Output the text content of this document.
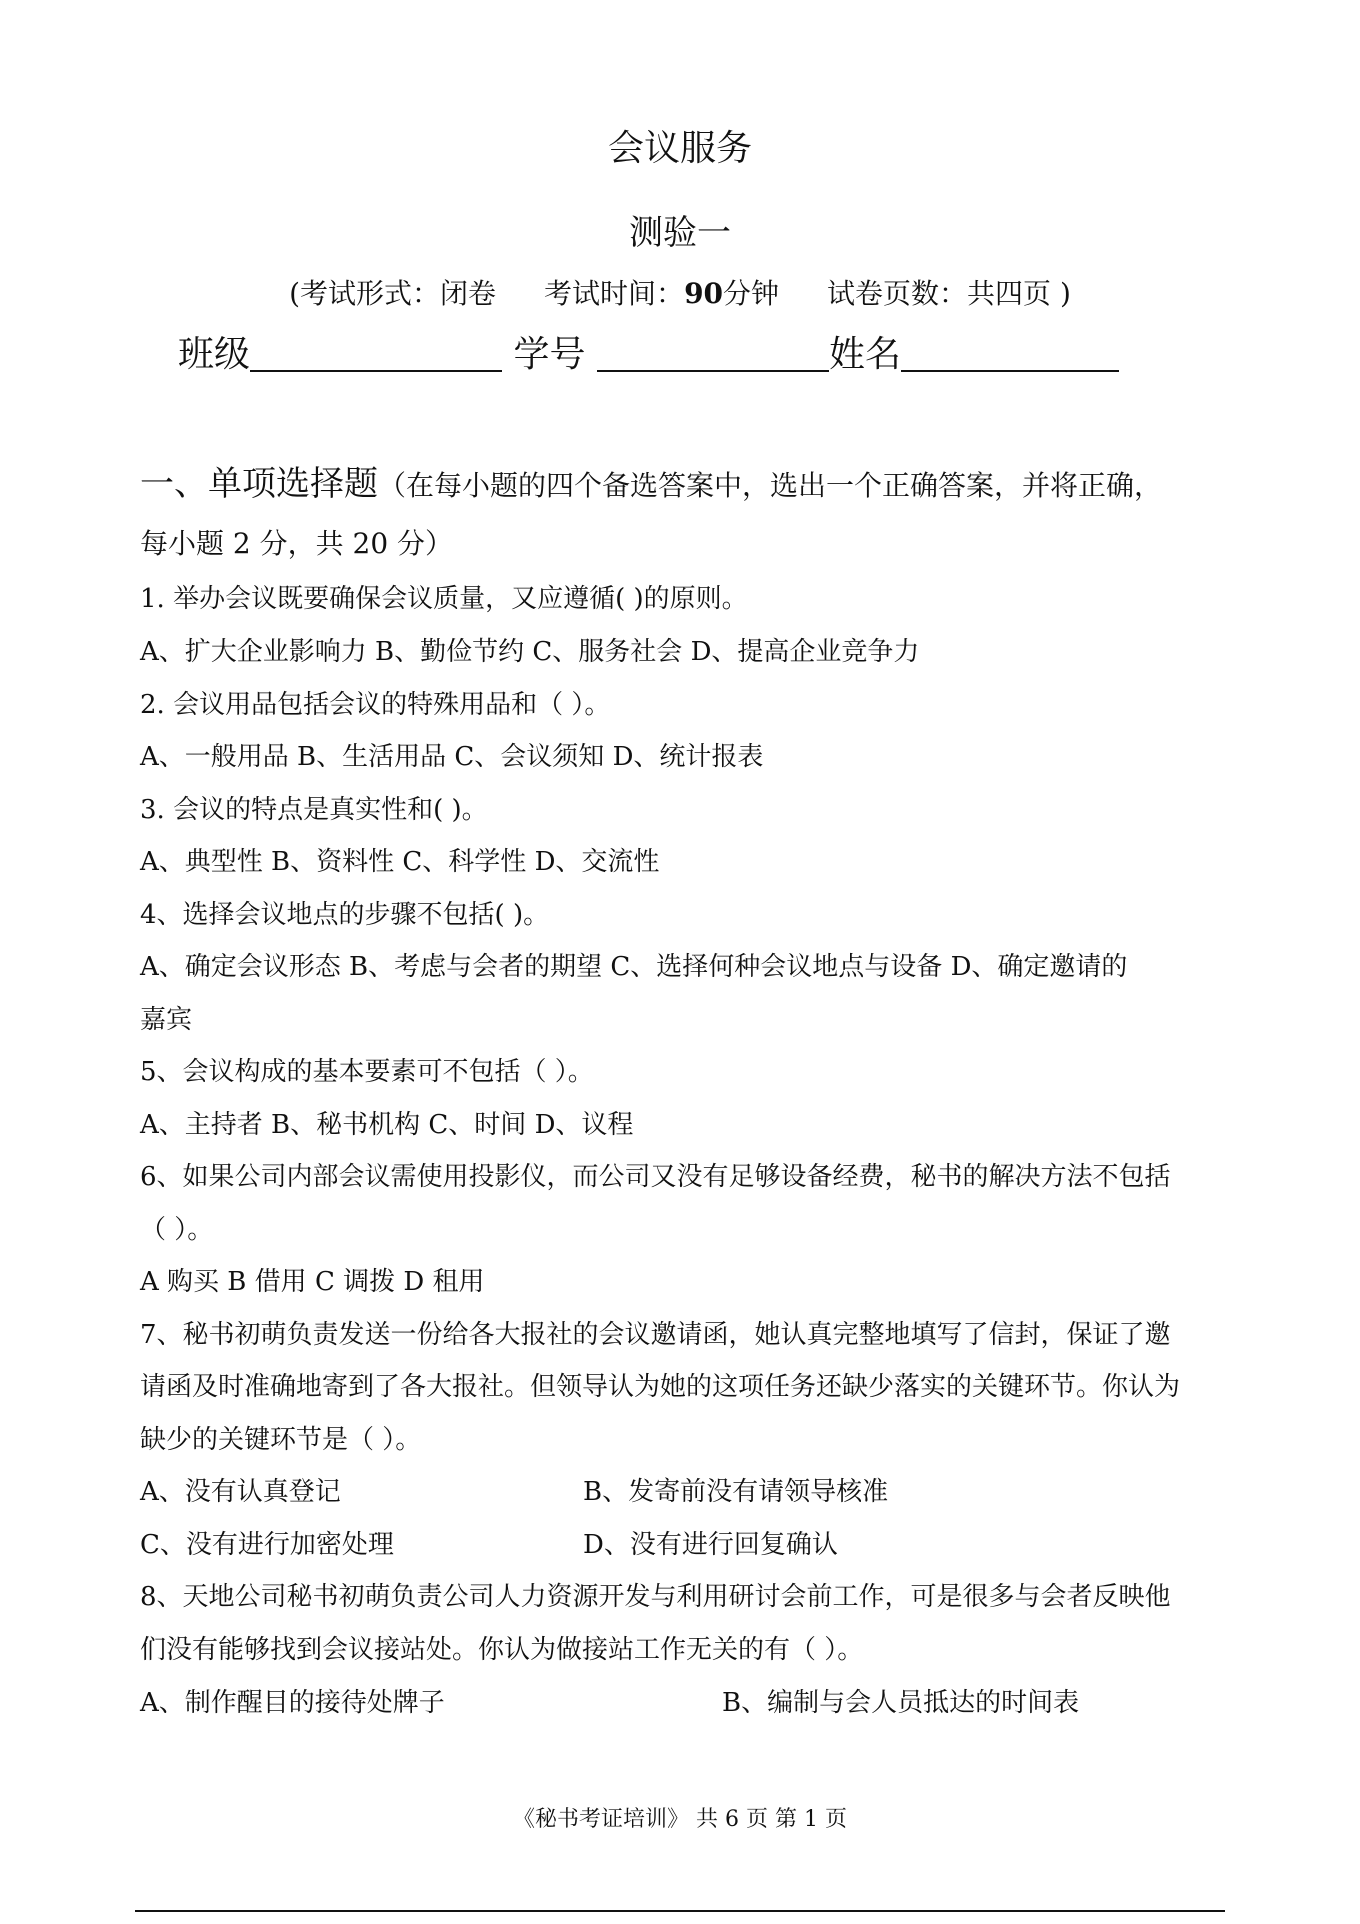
会议服务
测验一
(考试形式：闭卷 考试时间：90分钟 试卷页数：共四页 )
班级	学号	姓名
一、单项选择题（在每小题的四个备选答案中，选出一个正确答案，并将正确，
每小题 2 分，共 20 分）
1. 举办会议既要确保会议质量，又应遵循( )的原则。
A、扩大企业影响力 B、勤俭节约 C、服务社会 D、提高企业竞争力
2. 会议用品包括会议的特殊用品和（ ）。
A、一般用品 B、生活用品 C、会议须知 D、统计报表
3. 会议的特点是真实性和( )。
A、典型性 B、资料性 C、科学性 D、交流性
4、选择会议地点的步骤不包括( )。
A、确定会议形态 B、考虑与会者的期望 C、选择何种会议地点与设备 D、确定邀请的
嘉宾
5、会议构成的基本要素可不包括（ ）。
A、主持者 B、秘书机构 C、时间 D、议程
6、如果公司内部会议需使用投影仪，而公司又没有足够设备经费，秘书的解决方法不包括
（ ）。
A 购买 B 借用 C 调拨 D 租用
7、秘书初萌负责发送一份给各大报社的会议邀请函，她认真完整地填写了信封，保证了邀
请函及时准确地寄到了各大报社。但领导认为她的这项任务还缺少落实的关键环节。你认为
缺少的关键环节是（ ）。
A、没有认真登记	B、发寄前没有请领导核准
C、没有进行加密处理	D、没有进行回复确认
8、天地公司秘书初萌负责公司人力资源开发与利用研讨会前工作，可是很多与会者反映他
们没有能够找到会议接站处。你认为做接站工作无关的有（ ）。
A、制作醒目的接待处牌子	B、编制与会人员抵达的时间表
《秘书考证培训》 共 6 页 第 1 页
